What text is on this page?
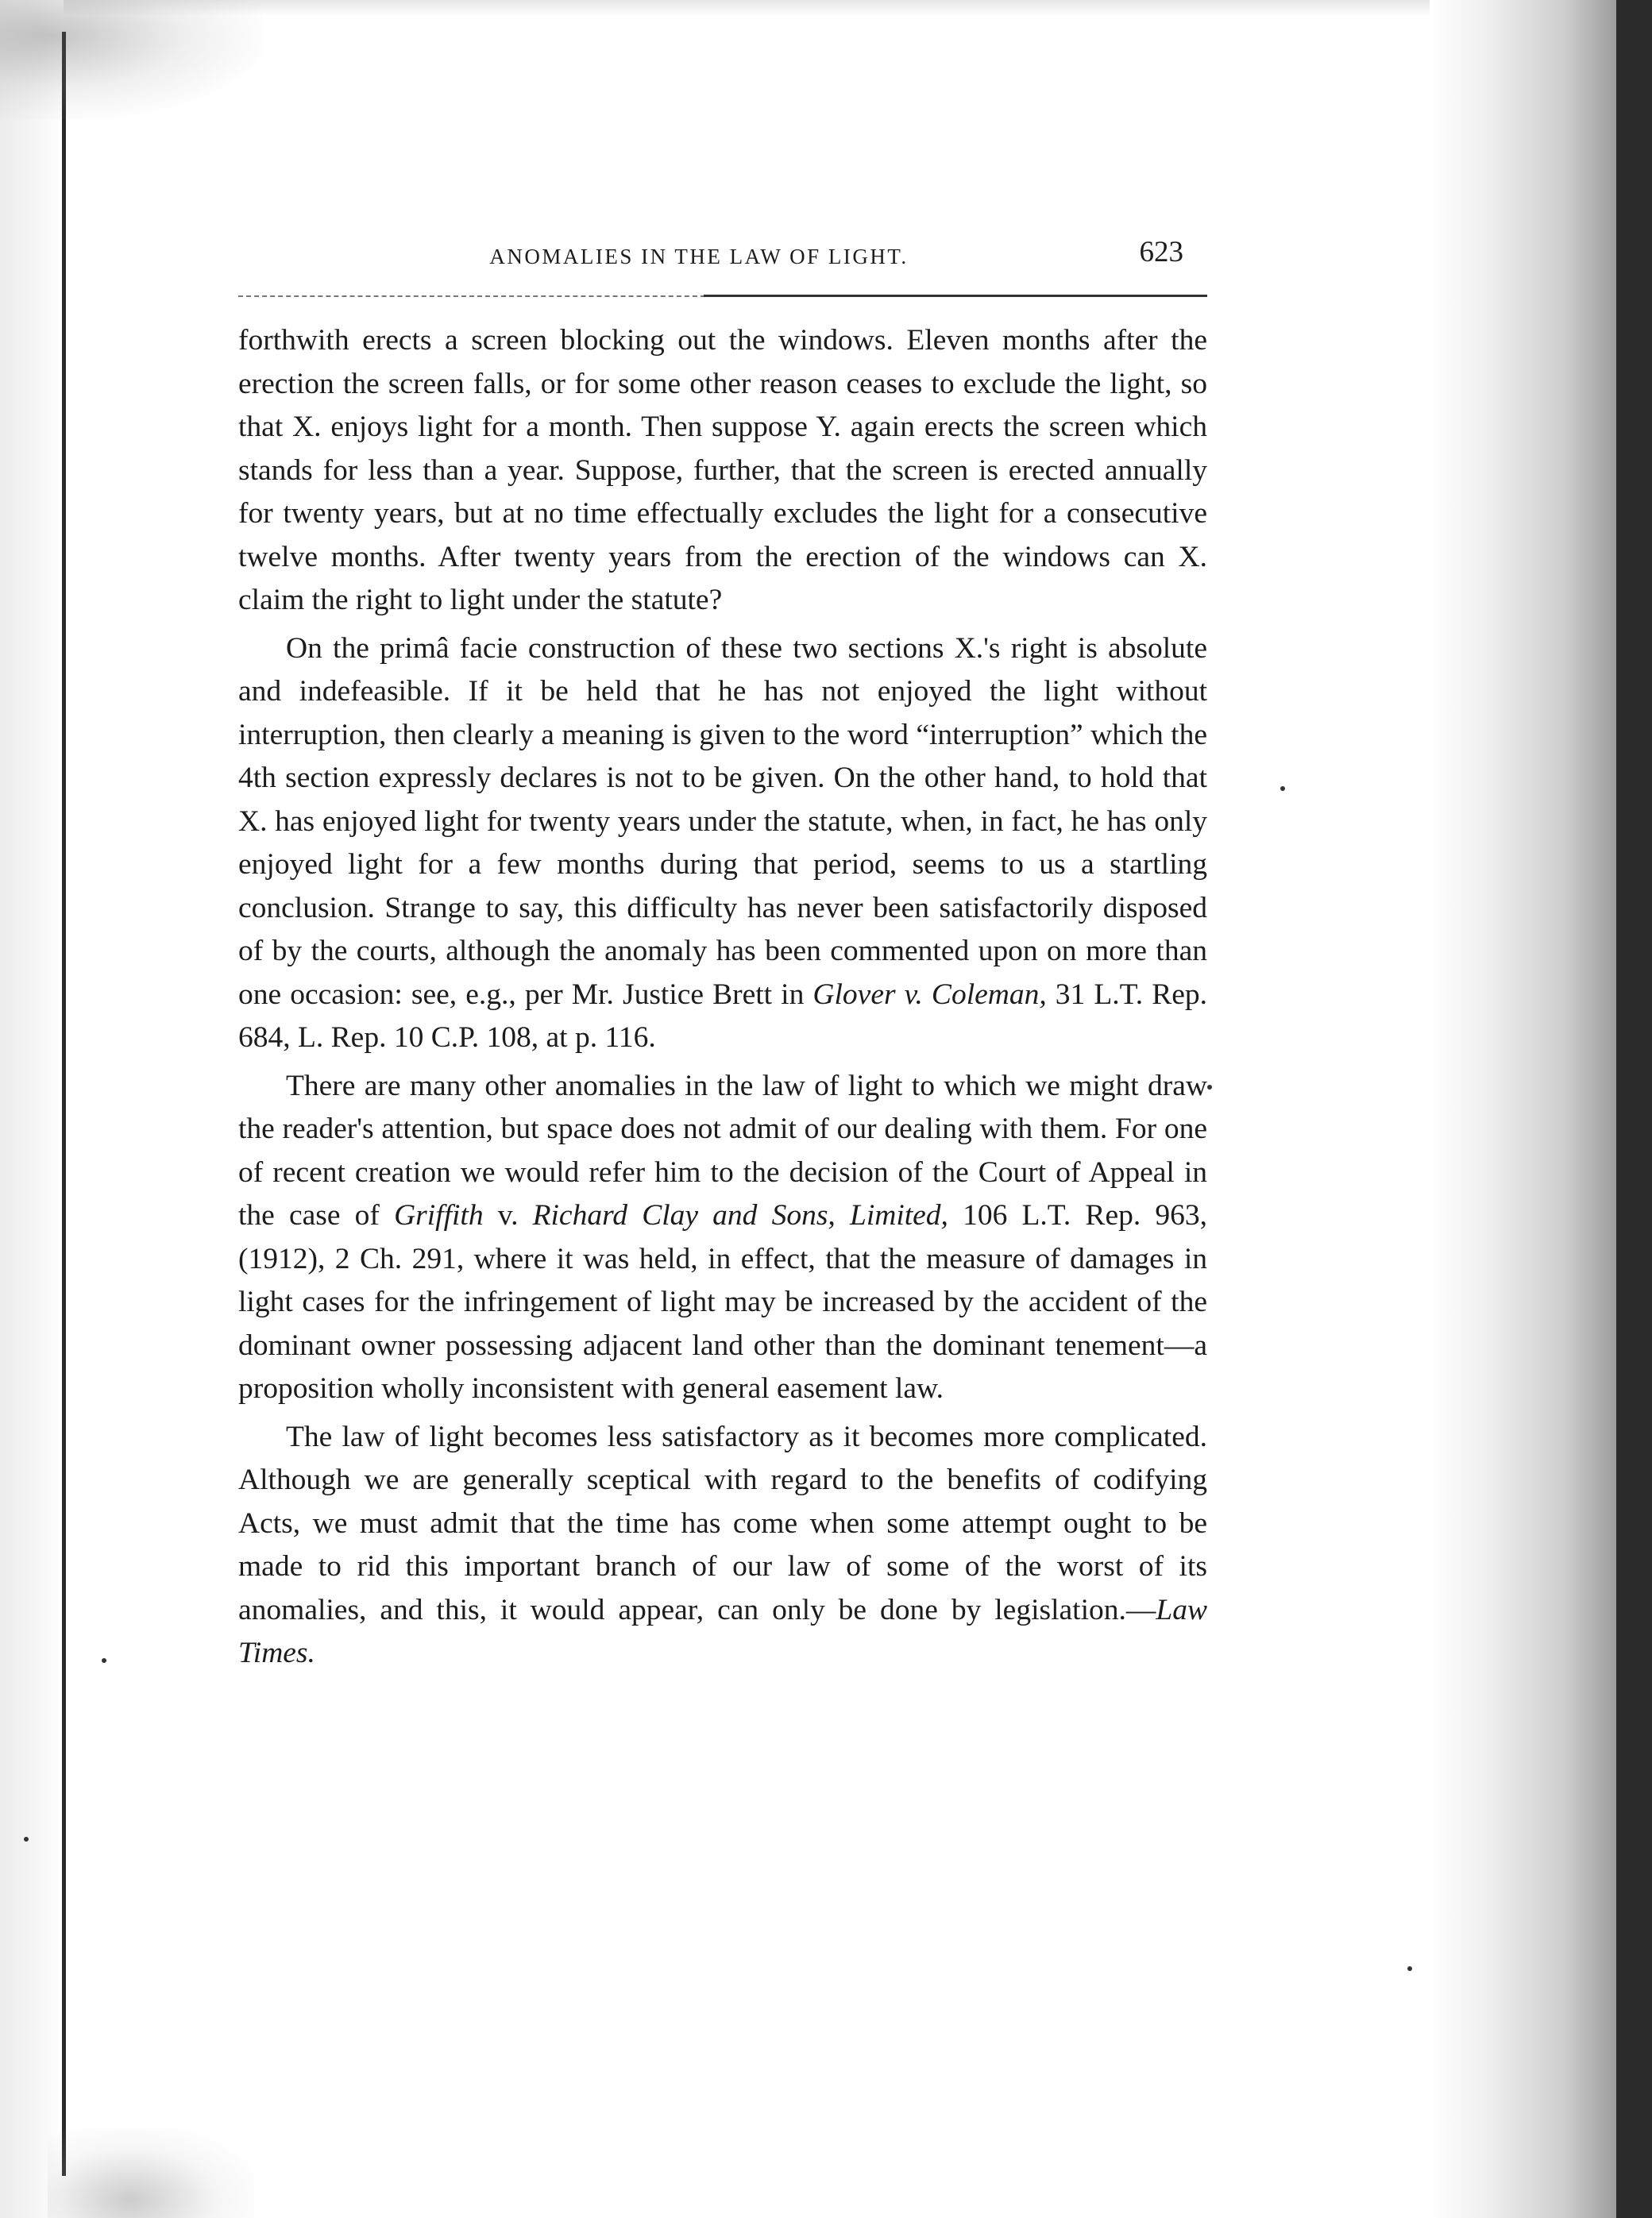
ANOMALIES IN THE LAW OF LIGHT.	623

forthwith erects a screen blocking out the windows. Eleven months after the erection the screen falls, or for some other reason ceases to exclude the light, so that X. enjoys light for a month. Then suppose Y. again erects the screen which stands for less than a year. Suppose, further, that the screen is erected annually for twenty years, but at no time effectually excludes the light for a consecutive twelve months. After twenty years from the erection of the windows can X. claim the right to light under the statute?

On the primâ facie construction of these two sections X.'s right is absolute and indefeasible. If it be held that he has not enjoyed the light without interruption, then clearly a meaning is given to the word “interruption” which the 4th section expressly declares is not to be given. On the other hand, to hold that X. has enjoyed light for twenty years under the statute, when, in fact, he has only enjoyed light for a few months during that period, seems to us a startling conclusion. Strange to say, this difficulty has never been satisfactorily disposed of by the courts, although the anomaly has been commented upon on more than one occasion: see, e.g., per Mr. Justice Brett in Glover v. Coleman, 31 L.T. Rep. 684, L. Rep. 10 C.P. 108, at p. 116.

There are many other anomalies in the law of light to which we might draw the reader's attention, but space does not admit of our dealing with them. For one of recent creation we would refer him to the decision of the Court of Appeal in the case of Griffith v. Richard Clay and Sons, Limited, 106 L.T. Rep. 963, (1912), 2 Ch. 291, where it was held, in effect, that the measure of damages in light cases for the infringement of light may be increased by the accident of the dominant owner possessing adjacent land other than the dominant tenement—a proposition wholly inconsistent with general easement law.

The law of light becomes less satisfactory as it becomes more complicated. Although we are generally sceptical with regard to the benefits of codifying Acts, we must admit that the time has come when some attempt ought to be made to rid this important branch of our law of some of the worst of its anomalies, and this, it would appear, can only be done by legislation.—Law Times.
